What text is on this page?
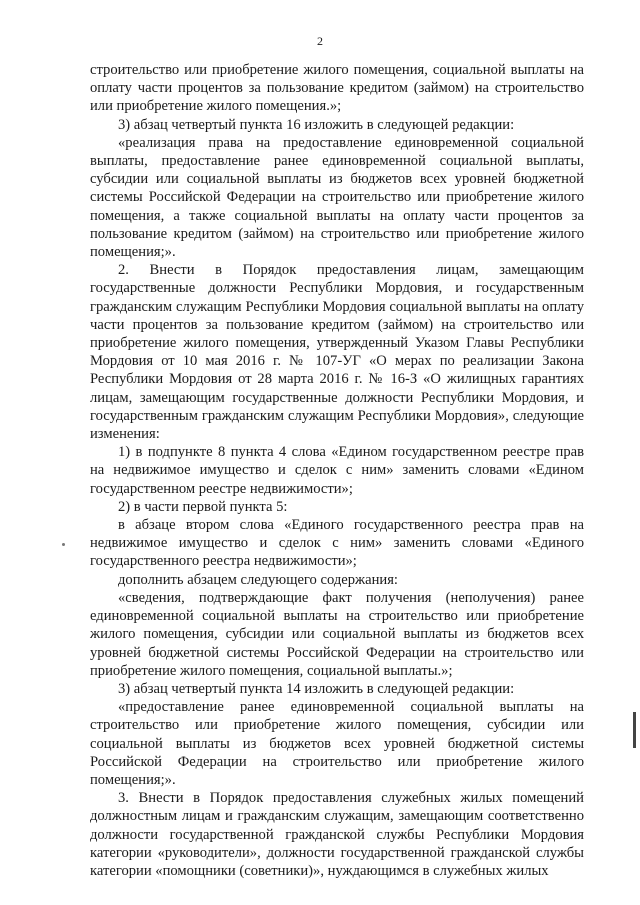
2

строительство или приобретение жилого помещения, социальной выплаты на оплату части процентов за пользование кредитом (займом) на строительство или приобретение жилого помещения.»;

3) абзац четвертый пункта 16 изложить в следующей редакции:

«реализация права на предоставление единовременной социальной выплаты, предоставление ранее единовременной социальной выплаты, субсидии или социальной выплаты из бюджетов всех уровней бюджетной системы Российской Федерации на строительство или приобретение жилого помещения, а также социальной выплаты на оплату части процентов за пользование кредитом (займом) на строительство или приобретение жилого помещения;».

2. Внести в Порядок предоставления лицам, замещающим государственные должности Республики Мордовия, и государственным гражданским служащим Республики Мордовия социальной выплаты на оплату части процентов за пользование кредитом (займом) на строительство или приобретение жилого помещения, утвержденный Указом Главы Республики Мордовия от 10 мая 2016 г. № 107-УГ «О мерах по реализации Закона Республики Мордовия от 28 марта 2016 г. № 16-З «О жилищных гарантиях лицам, замещающим государственные должности Республики Мордовия, и государственным гражданским служащим Республики Мордовия», следующие изменения:

1) в подпункте 8 пункта 4 слова «Едином государственном реестре прав на недвижимое имущество и сделок с ним» заменить словами «Едином государственном реестре недвижимости»;

2) в части первой пункта 5:

в абзаце втором слова «Единого государственного реестра прав на недвижимое имущество и сделок с ним» заменить словами «Единого государственного реестра недвижимости»;

дополнить абзацем следующего содержания:

«сведения, подтверждающие факт получения (неполучения) ранее единовременной социальной выплаты на строительство или приобретение жилого помещения, субсидии или социальной выплаты из бюджетов всех уровней бюджетной системы Российской Федерации на строительство или приобретение жилого помещения, социальной выплаты.»;

3) абзац четвертый пункта 14 изложить в следующей редакции:

«предоставление ранее единовременной социальной выплаты на строительство или приобретение жилого помещения, субсидии или социальной выплаты из бюджетов всех уровней бюджетной системы Российской Федерации на строительство или приобретение жилого помещения;».

3. Внести в Порядок предоставления служебных жилых помещений должностным лицам и гражданским служащим, замещающим соответственно должности государственной гражданской службы Республики Мордовия категории «руководители», должности государственной гражданской службы категории «помощники (советники)», нуждающимся в служебных жилых
